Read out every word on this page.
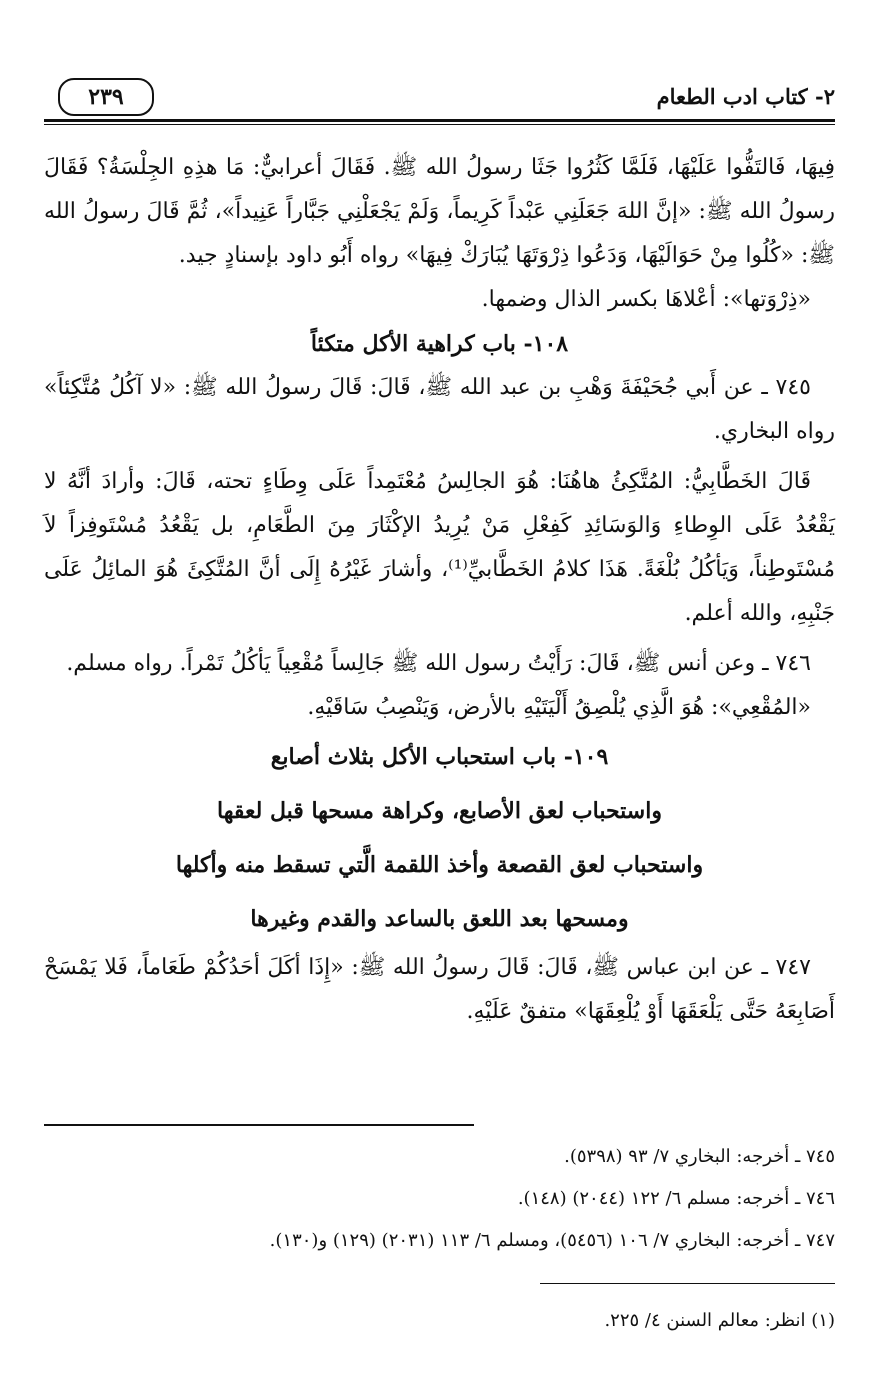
٢- كتاب ادب الطعام
٢٣٩

فِيهَا، فَالتَفُّوا عَلَيْهَا، فَلَمَّا كَثُرُوا جَثَا رسولُ الله ﷺ. فَقَالَ أعرابيٌّ: مَا هذِهِ الجِلْسَةُ؟ فَقَالَ رسولُ الله ﷺ: «إنَّ اللهَ جَعَلَنِي عَبْداً كَرِيماً، وَلَمْ يَجْعَلْنِي جَبَّاراً عَنِيداً»، ثُمَّ قَالَ رسولُ الله ﷺ: «كُلُوا مِنْ حَوَالَيْهَا، وَدَعُوا ذِرْوَتَهَا يُبَارَكْ فِيهَا» رواه أَبُو داود بإسنادٍ جيد.

«ذِرْوَتها»: أعْلاهَا بكسر الذال وضمها.

١٠٨- باب كراهية الأكل متكئاً

٧٤٥ ـ عن أَبي جُحَيْفَةَ وَهْبِ بن عبد الله ﷺ، قَالَ: قَالَ رسولُ الله ﷺ: «لا آكُلُ مُتَّكِئاً» رواه البخاري.

قَالَ الخَطَّابِيُّ: المُتَّكِئُ هاهُنَا: هُوَ الجالِسُ مُعْتَمِداً عَلَى وِطَاءٍ تحته، قَالَ: وأرادَ أنَّهُ لا يَقْعُدُ عَلَى الوِطاءِ وَالوَسَائِدِ كَفِعْلِ مَنْ يُرِيدُ الإكْثَارَ مِنَ الطَّعَامِ، بل يَقْعُدُ مُسْتَوفِزاً لاَ مُسْتَوطِناً، وَيَأكُلُ بُلْغَةً. هَذَا كلامُ الخَطَّابيِّ⁽¹⁾، وأشارَ غَيْرُهُ إِلَى أنَّ المُتَّكِئَ هُوَ المائِلُ عَلَى جَنْبِهِ، والله أعلم.

٧٤٦ ـ وعن أنس ﷺ، قَالَ: رَأَيْتُ رسول الله ﷺ جَالِساً مُقْعِياً يَأكُلُ تَمْراً. رواه مسلم.

«المُقْعِي»: هُوَ الَّذِي يُلْصِقُ أَلْيَتَيْهِ بالأرض، وَيَنْصِبُ سَاقَيْهِ.

١٠٩- باب استحباب الأكل بثلاث أصابع

واستحباب لعق الأصابع، وكراهة مسحها قبل لعقها

واستحباب لعق القصعة وأخذ اللقمة الَّتي تسقط منه وأكلها

ومسحها بعد اللعق بالساعد والقدم وغيرها

٧٤٧ ـ عن ابن عباس ﷺ، قَالَ: قَالَ رسولُ الله ﷺ: «إِذَا أكَلَ أحَدُكُمْ طَعَاماً، فَلا يَمْسَحْ أَصَابِعَهُ حَتَّى يَلْعَقَهَا أَوْ يُلْعِقَهَا» متفقٌ عَلَيْهِ.

٧٤٥ ـ أخرجه: البخاري ٧/ ٩٣ (٥٣٩٨).

٧٤٦ ـ أخرجه: مسلم ٦/ ١٢٢ (٢٠٤٤) (١٤٨).

٧٤٧ ـ أخرجه: البخاري ٧/ ١٠٦ (٥٤٥٦)، ومسلم ٦/ ١١٣ (٢٠٣١) (١٢٩) و(١٣٠).

(١) انظر: معالم السنن ٤/ ٢٢٥.
